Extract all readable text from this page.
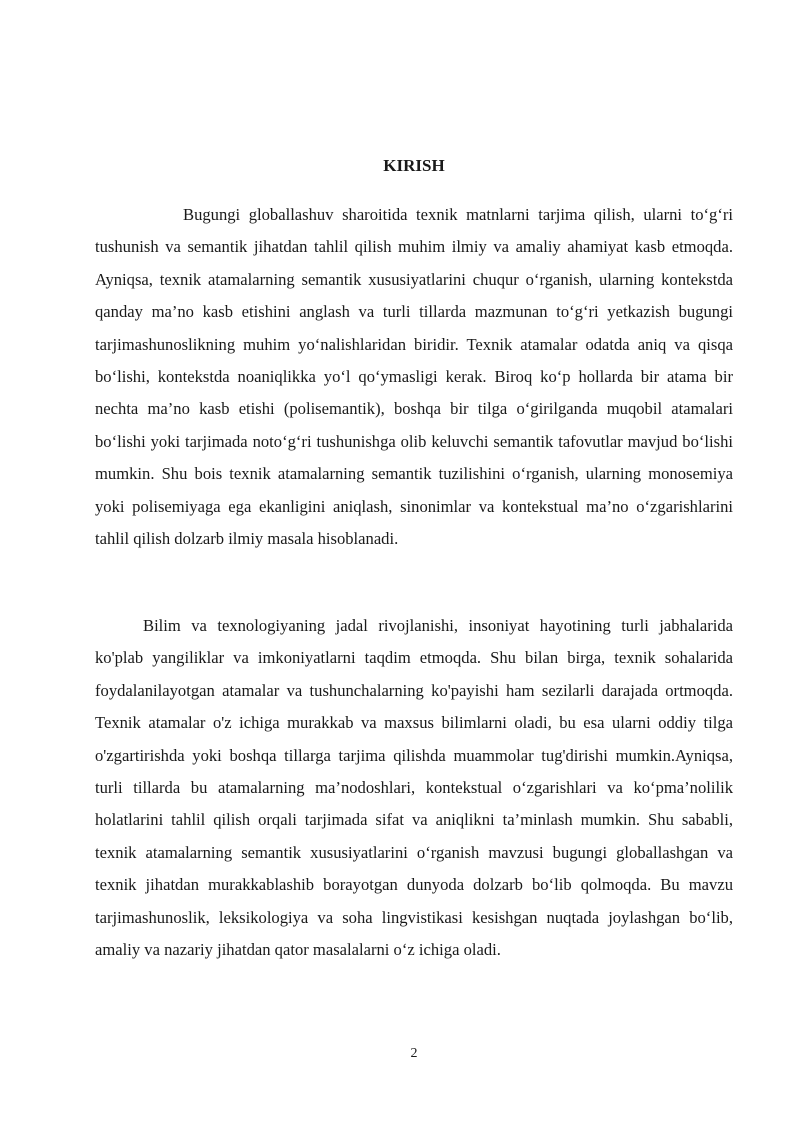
KIRISH

Bugungi globallashuv sharoitida texnik matnlarni tarjima qilish, ularni to‘g‘ri tushunish va semantik jihatdan tahlil qilish muhim ilmiy va amaliy ahamiyat kasb etmoqda. Ayniqsa, texnik atamalarning semantik xususiyatlarini chuqur o‘rganish, ularning kontekstda qanday ma’no kasb etishini anglash va turli tillarda mazmunan to‘g‘ri yetkazish bugungi tarjimashunoslikning muhim yo‘nalishlaridan biridir. Texnik atamalar odatda aniq va qisqa bo‘lishi, kontekstda noaniqlikka yo‘l qo‘ymasligi kerak. Biroq ko‘p hollarda bir atama bir nechta ma’no kasb etishi (polisemantik), boshqa bir tilga o‘girilganda muqobil atamalari bo‘lishi yoki tarjimada noto‘g‘ri tushunishga olib keluvchi semantik tafovutlar mavjud bo‘lishi mumkin. Shu bois texnik atamalarning semantik tuzilishini o‘rganish, ularning monosemiya yoki polisemiyaga ega ekanligini aniqlash, sinonimlar va kontekstual ma’no o‘zgarishlarini tahlil qilish dolzarb ilmiy masala hisoblanadi.

Bilim va texnologiyaning jadal rivojlanishi, insoniyat hayotining turli jabhalarida ko'plab yangiliklar va imkoniyatlarni taqdim etmoqda. Shu bilan birga, texnik sohalarida foydalanilayotgan atamalar va tushunchalarning ko'payishi ham sezilarli darajada ortmoqda. Texnik atamalar o'z ichiga murakkab va maxsus bilimlarni oladi, bu esa ularni oddiy tilga o'zgartirishda yoki boshqa tillarga tarjima qilishda muammolar tug'dirishi mumkin.Ayniqsa, turli tillarda bu atamalarning ma’nodoshlari, kontekstual o‘zgarishlari va ko‘pma’nolilik holatlarini tahlil qilish orqali tarjimada sifat va aniqlikni ta’minlash mumkin. Shu sababli, texnik atamalarning semantik xususiyatlarini o‘rganish mavzusi bugungi globallashgan va texnik jihatdan murakkablashib borayotgan dunyoda dolzarb bo‘lib qolmoqda. Bu mavzu tarjimashunoslik, leksikologiya va soha lingvistikasi kesishgan nuqtada joylashgan bo‘lib, amaliy va nazariy jihatdan qator masalalarni o‘z ichiga oladi.

2
